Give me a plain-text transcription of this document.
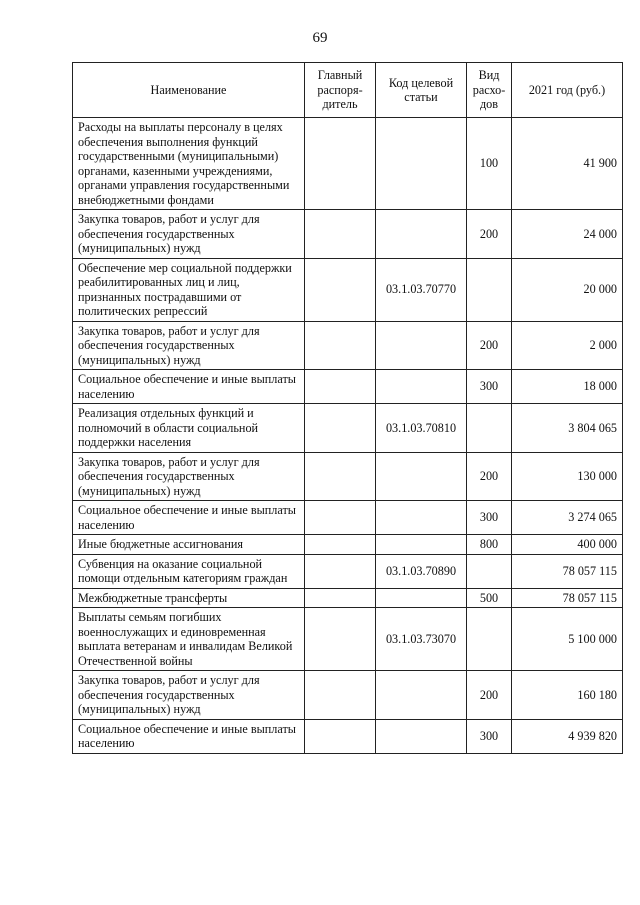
69
Наименование	Главный распоря-дитель	Код целевой статьи	Вид расхо-дов	2021 год (руб.)
Расходы на выплаты персоналу в целях обеспечения выполнения функций государственными (муниципальными) органами, казенными учреждениями, органами управления государственными внебюджетными фондами			100	41 900
Закупка товаров, работ и услуг для обеспечения государственных (муниципальных) нужд			200	24 000
Обеспечение мер социальной поддержки реабилитированных лиц и лиц, признанных пострадавшими от политических репрессий		03.1.03.70770		20 000
Закупка товаров, работ и услуг для обеспечения государственных (муниципальных) нужд			200	2 000
Социальное обеспечение и иные выплаты населению			300	18 000
Реализация отдельных функций и полномочий в области социальной поддержки населения		03.1.03.70810		3 804 065
Закупка товаров, работ и услуг для обеспечения государственных (муниципальных) нужд			200	130 000
Социальное обеспечение и иные выплаты населению			300	3 274 065
Иные бюджетные ассигнования			800	400 000
Субвенция на оказание социальной помощи отдельным категориям граждан		03.1.03.70890		78 057 115
Межбюджетные трансферты			500	78 057 115
Выплаты семьям погибших военнослужащих и единовременная выплата ветеранам и инвалидам Великой Отечественной войны		03.1.03.73070		5 100 000
Закупка товаров, работ и услуг для обеспечения государственных (муниципальных) нужд			200	160 180
Социальное обеспечение и иные выплаты населению			300	4 939 820
